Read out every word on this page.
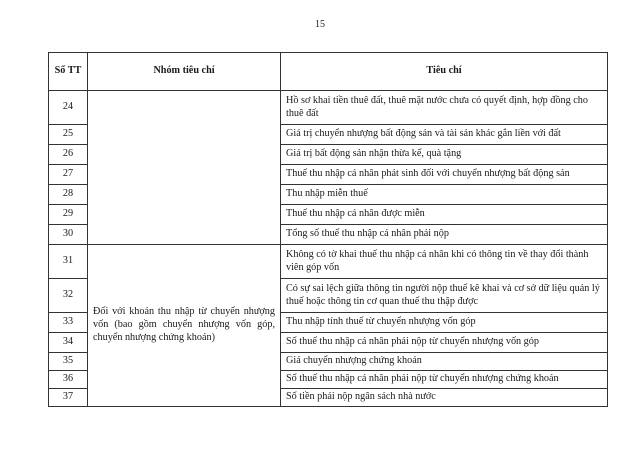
15
Số TT	Nhóm tiêu chí	Tiêu chí
24		Hồ sơ khai tiền thuê đất, thuê mặt nước chưa có quyết định, hợp đồng cho thuê đất
25		Giá trị chuyển nhượng bất động sản và tài sản khác gắn liền với đất
26		Giá trị bất động sản nhận thừa kế, quà tặng
27		Thuế thu nhập cá nhân phát sinh đối với chuyển nhượng bất động sản
28		Thu nhập miễn thuế
29		Thuế thu nhập cá nhân được miễn
30		Tổng số thuế thu nhập cá nhân phải nộp
31	Đối với khoản thu nhập từ chuyển nhượng vốn (bao gồm chuyển nhượng vốn góp, chuyển nhượng chứng khoán)	Không có tờ khai thuế thu nhập cá nhân khi có thông tin về thay đổi thành viên góp vốn
32		Có sự sai lệch giữa thông tin người nộp thuế kê khai và cơ sở dữ liệu quản lý thuế hoặc thông tin cơ quan thuế thu thập được
33		Thu nhập tính thuế từ chuyển nhượng vốn góp
34		Số thuế thu nhập cá nhân phải nộp từ chuyển nhượng vốn góp
35		Giá chuyển nhượng chứng khoán
36		Số thuế thu nhập cá nhân phải nộp từ chuyển nhượng chứng khoán
37		Số tiền phải nộp ngân sách nhà nước
